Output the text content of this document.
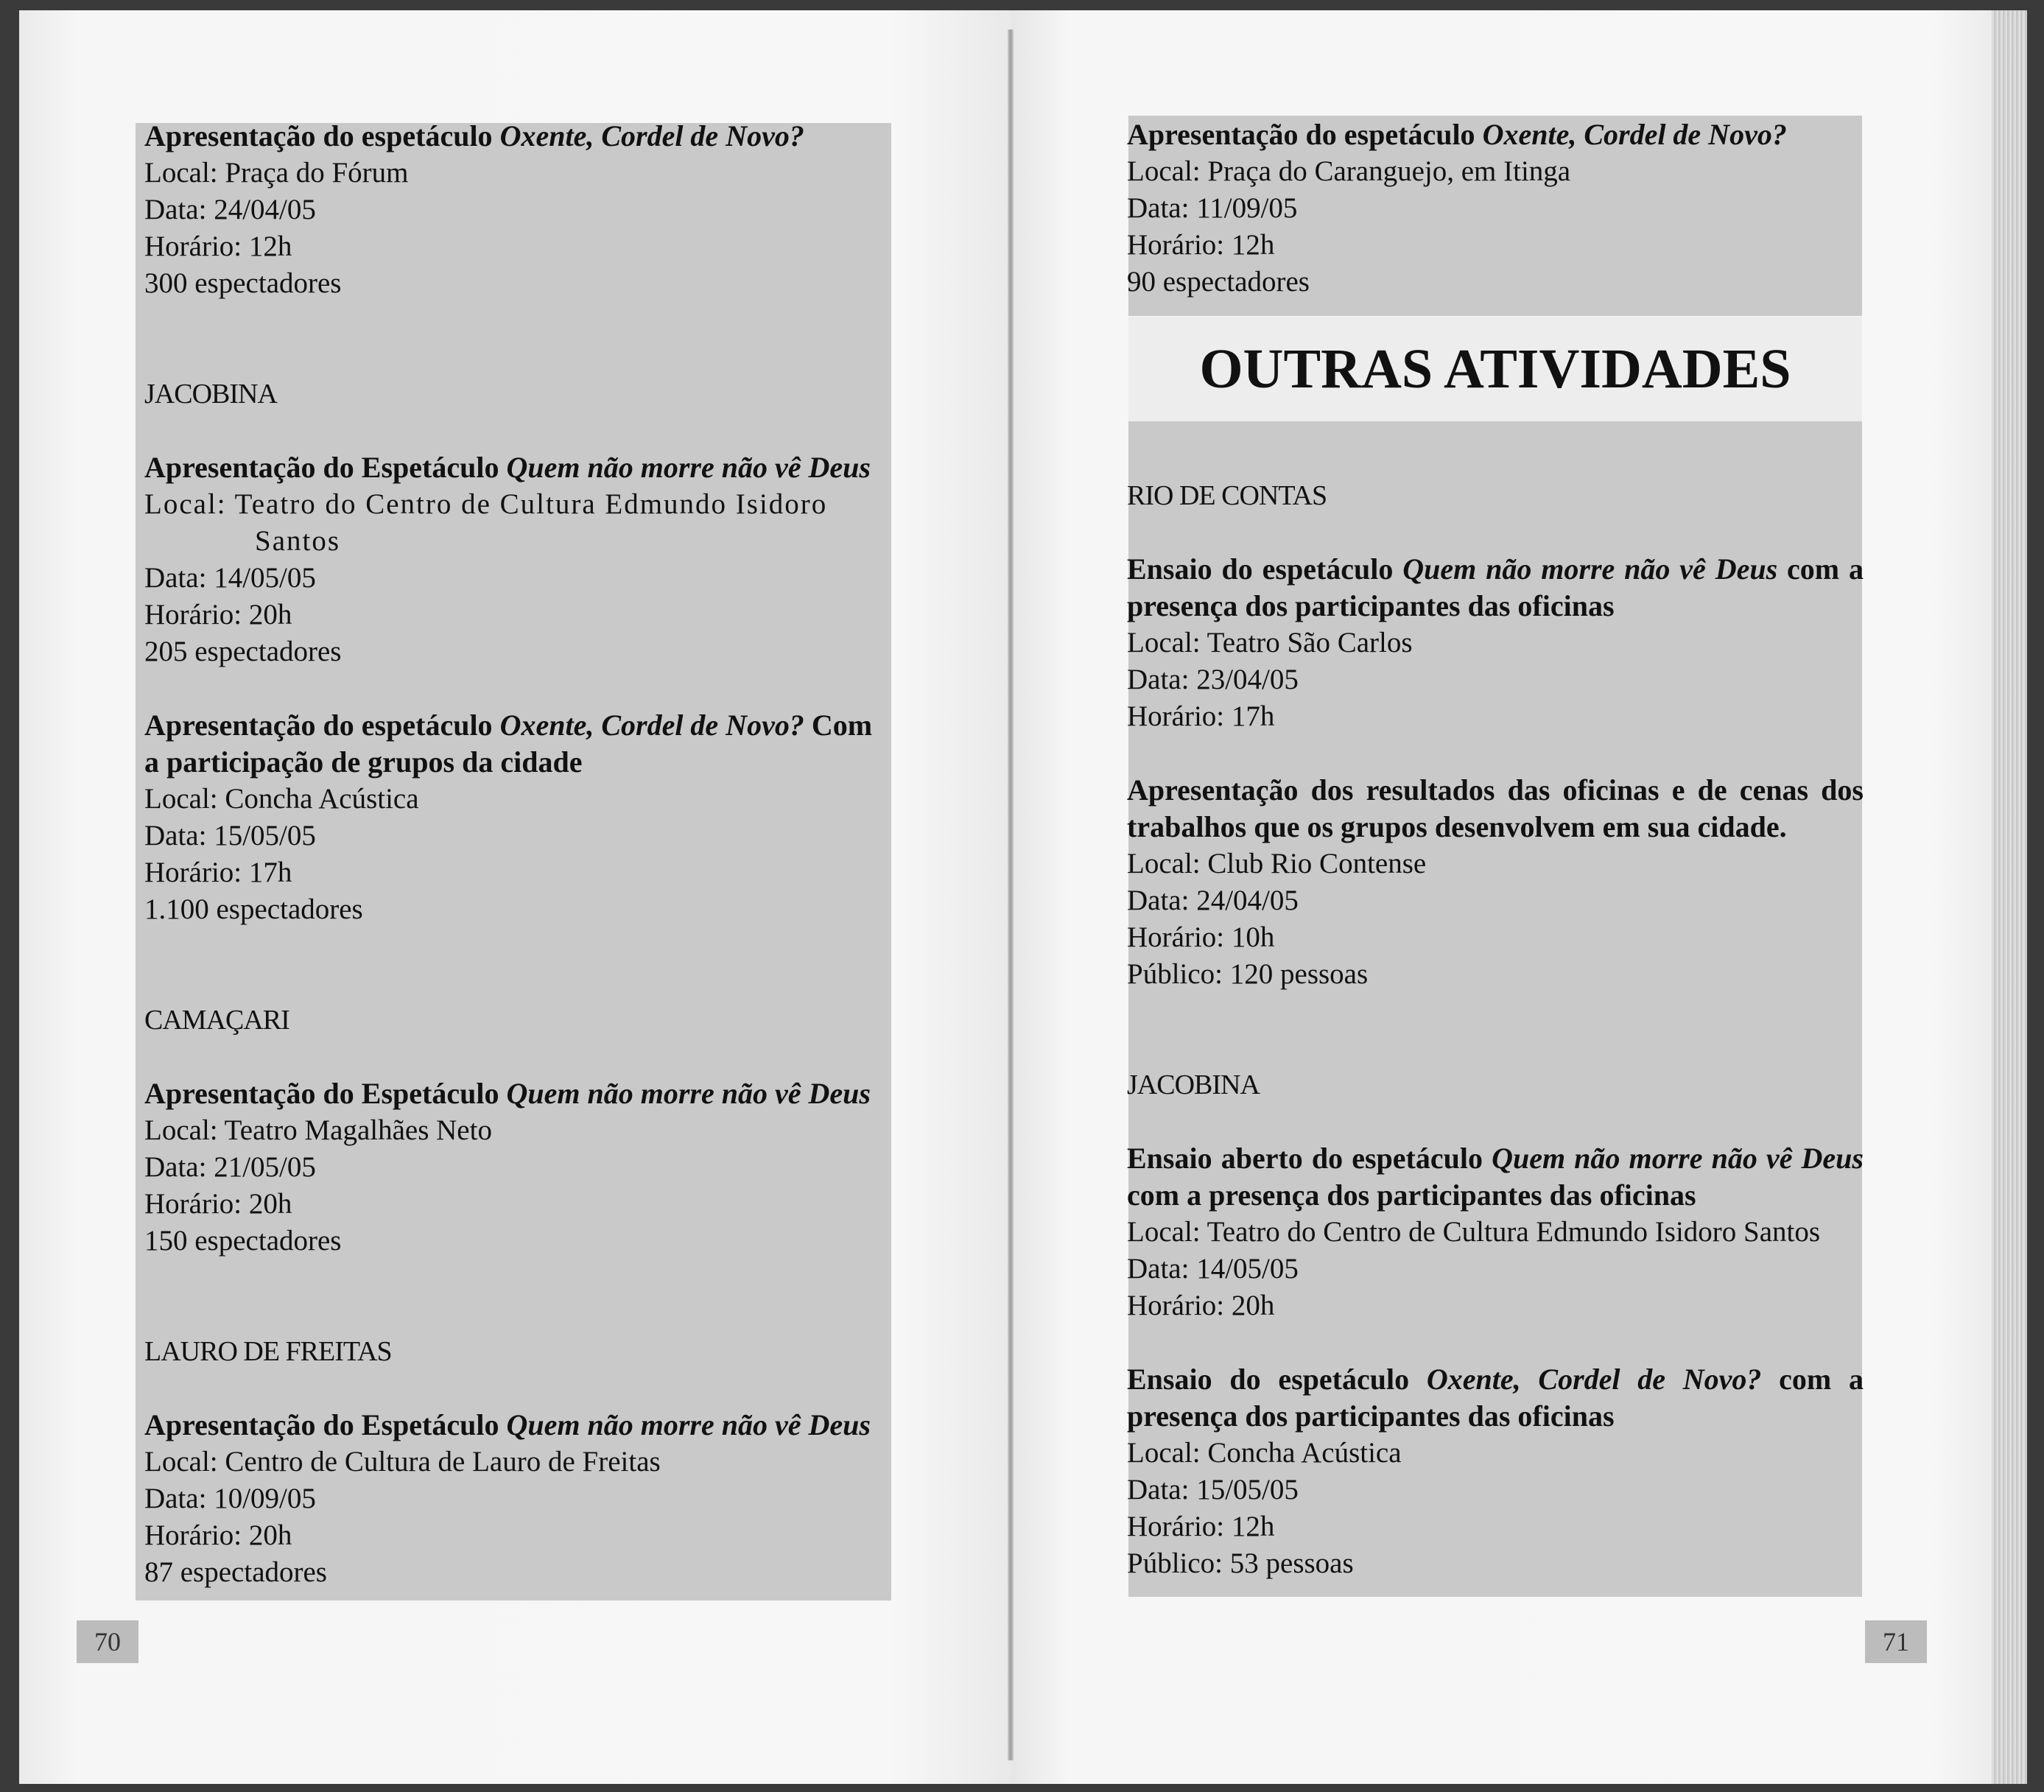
OUTRAS ATIVIDADES
Apresentação do espetáculo Oxente, Cordel de Novo?
Local: Praça do Fórum
Data: 24/04/05
Horário: 12h
300 espectadores
JACOBINA
Apresentação do Espetáculo Quem não morre não vê Deus
Local: Teatro do Centro de Cultura Edmundo Isidoro
Santos
Data: 14/05/05
Horário: 20h
205 espectadores
Apresentação do espetáculo Oxente, Cordel de Novo? Com a participação de grupos da cidade
Local: Concha Acústica
Data: 15/05/05
Horário: 17h
1.100 espectadores
CAMAÇARI
Apresentação do Espetáculo Quem não morre não vê Deus
Local: Teatro Magalhães Neto
Data: 21/05/05
Horário: 20h
150 espectadores
LAURO DE FREITAS
Apresentação do Espetáculo Quem não morre não vê Deus
Local: Centro de Cultura de Lauro de Freitas
Data: 10/09/05
Horário: 20h
87 espectadores
Apresentação do espetáculo Oxente, Cordel de Novo?
Local: Praça do Caranguejo, em Itinga
Data: 11/09/05
Horário: 12h
90 espectadores
RIO DE CONTAS
Ensaio do espetáculo Quem não morre não vê Deus com a presença dos participantes das oficinas
Local: Teatro São Carlos
Data: 23/04/05
Horário: 17h
Apresentação dos resultados das oficinas e de cenas dos trabalhos que os grupos desenvolvem em sua cidade.
Local: Club Rio Contense
Data: 24/04/05
Horário: 10h
Público: 120 pessoas
JACOBINA
Ensaio aberto do espetáculo Quem não morre não vê Deus com a presença dos participantes das oficinas
Local: Teatro do Centro de Cultura Edmundo Isidoro Santos
Data: 14/05/05
Horário: 20h
Ensaio do espetáculo Oxente, Cordel de Novo? com a presença dos participantes das oficinas
Local: Concha Acústica
Data: 15/05/05
Horário: 12h
Público: 53 pessoas
70	71
